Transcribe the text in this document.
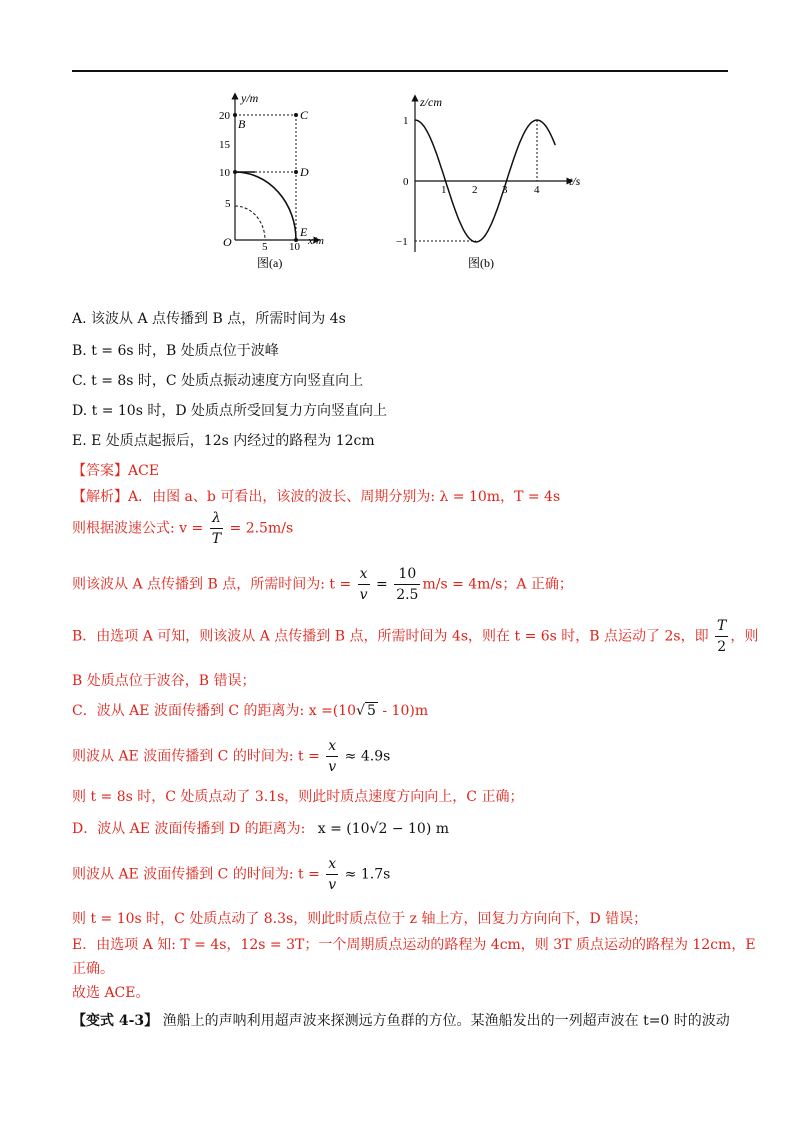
y/m
x/m
O
20
15
10
5
5 10
B
C
D
E
图(a)
z/cm
t/s
1
0
−1
1 2 3 4
图(b)
A. 该波从 A 点传播到 B 点，所需时间为 4s
B. t = 6s 时，B 处质点位于波峰
C. t = 8s 时，C 处质点振动速度方向竖直向上
D. t = 10s 时，D 处质点所受回复力方向竖直向上
E. E 处质点起振后，12s 内经过的路程为 12cm
【答案】ACE
【解析】A．由图 a、b 可看出，该波的波长、周期分别为: λ = 10m，T = 4s
则根据波速公式: $v = \frac{\lambda}{T} = 2.5m/s$
则该波从 A 点传播到 B 点，所需时间为: $t = \frac{x}{v} = \frac{10}{2.5} m/s = 4m/s$；A 正确；
B．由选项 A 可知，则该波从 A 点传播到 B 点，所需时间为 4s，则在 t = 6s 时，B 点运动了 2s，即 $\frac{T}{2}$ ，则
B 处质点位于波谷，B 错误；
C．波从 AE 波面传播到 C 的距离为: x =(10√ 5 - 10)m
则波从 AE 波面传播到 C 的时间为: $t = \frac{x}{v} \approx 4.9s$
则 t = 8s 时，C 处质点动了 3.1s，则此时质点速度方向向上，C 正确；
D．波从 AE 波面传播到 D 的距离为: x = (10√2 − 10) m
则波从 AE 波面传播到 C 的时间为: $t = \frac{x}{v} \approx 1.7s$
则 t = 10s 时，C 处质点动了 8.3s，则此时质点位于 z 轴上方，回复力方向向下，D 错误；
E．由选项 A 知: T = 4s，12s = 3T；一个周期质点运动的路程为 4cm，则 3T 质点运动的路程为 12cm，E
正确。
故选 ACE。
【变式 4-3】 渔船上的声呐利用超声波来探测远方鱼群的方位。某渔船发出的一列超声波在 t=0 时的波动
